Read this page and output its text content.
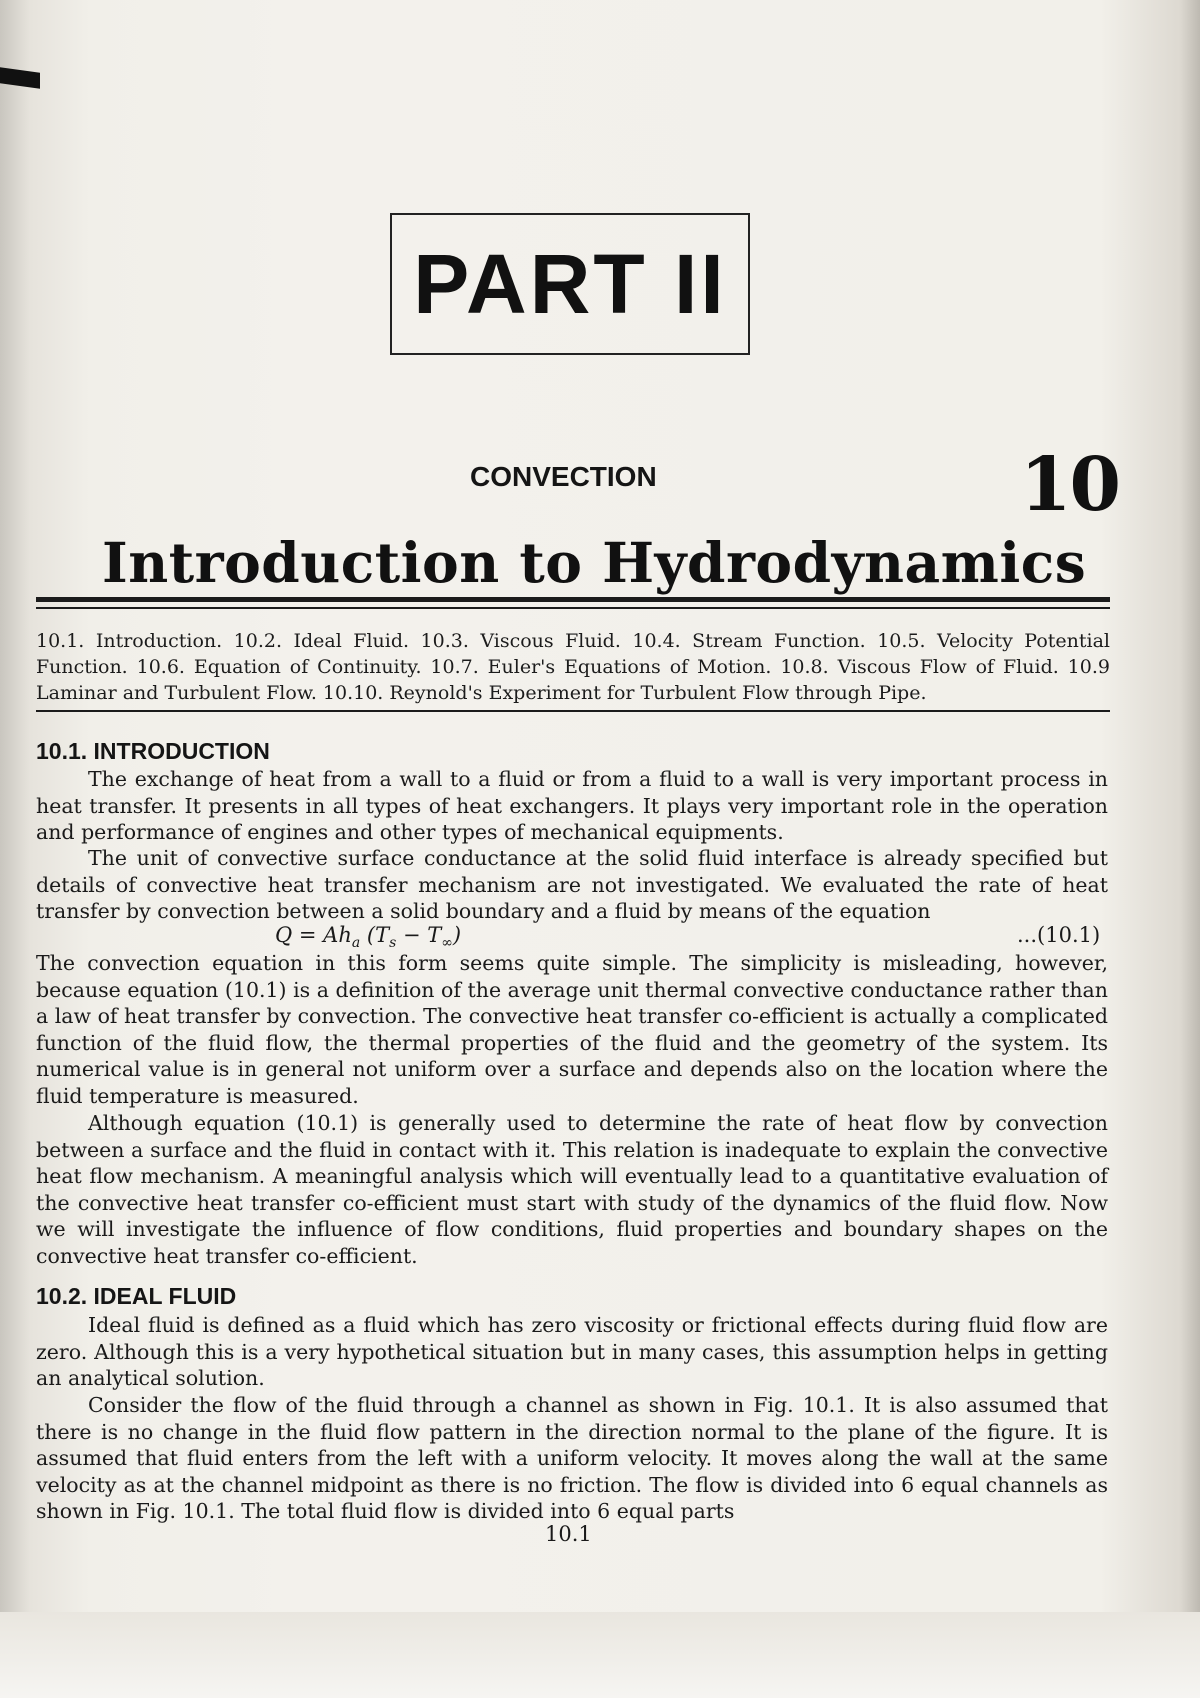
PART II
CONVECTION	10
Introduction to Hydrodynamics
10.1. Introduction. 10.2. Ideal Fluid. 10.3. Viscous Fluid. 10.4. Stream Function. 10.5. Velocity Potential Function. 10.6. Equation of Continuity. 10.7. Euler's Equations of Motion. 10.8. Viscous Flow of Fluid. 10.9 Laminar and Turbulent Flow. 10.10. Reynold's Experiment for Turbulent Flow through Pipe.
10.1. INTRODUCTION
The exchange of heat from a wall to a fluid or from a fluid to a wall is very important process in heat transfer. It presents in all types of heat exchangers. It plays very important role in the operation and performance of engines and other types of mechanical equipments.
The unit of convective surface conductance at the solid fluid interface is already specified but details of convective heat transfer mechanism are not investigated. We evaluated the rate of heat transfer by convection between a solid boundary and a fluid by means of the equation
$Q = Ah_a$ $(T_s - T_\infty)$	...(10.1)
The convection equation in this form seems quite simple. The simplicity is misleading, however, because equation (10.1) is a definition of the average unit thermal convective conductance rather than a law of heat transfer by convection. The convective heat transfer co-efficient is actually a complicated function of the fluid flow, the thermal properties of the fluid and the geometry of the system. Its numerical value is in general not uniform over a surface and depends also on the location where the fluid temperature is measured.
Although equation (10.1) is generally used to determine the rate of heat flow by convection between a surface and the fluid in contact with it. This relation is inadequate to explain the convective heat flow mechanism. A meaningful analysis which will eventually lead to a quantitative evaluation of the convective heat transfer co-efficient must start with study of the dynamics of the fluid flow. Now we will investigate the influence of flow conditions, fluid properties and boundary shapes on the convective heat transfer co-efficient.
10.2. IDEAL FLUID
Ideal fluid is defined as a fluid which has zero viscosity or frictional effects during fluid flow are zero. Although this is a very hypothetical situation but in many cases, this assumption helps in getting an analytical solution.
Consider the flow of the fluid through a channel as shown in Fig. 10.1. It is also assumed that there is no change in the fluid flow pattern in the direction normal to the plane of the figure. It is assumed that fluid enters from the left with a uniform velocity. It moves along the wall at the same velocity as at the channel midpoint as there is no friction. The flow is divided into 6 equal channels as shown in Fig. 10.1. The total fluid flow is divided into 6 equal parts
10.1
